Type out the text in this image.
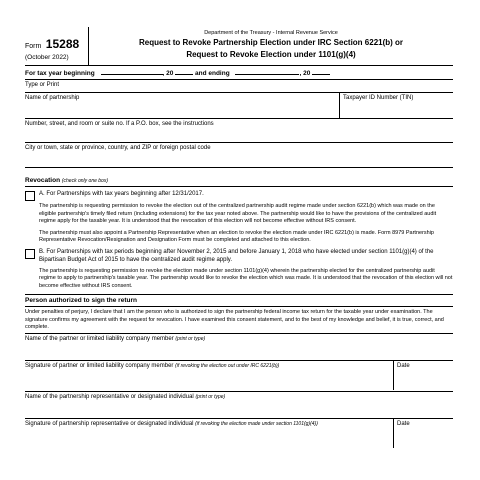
Form 15288
(October 2022)
Department of the Treasury - Internal Revenue Service
Request to Revoke Partnership Election under IRC Section 6221(b) or
Request to Revoke Election under 1101(g)(4)
For tax year beginning	, 20	and ending	, 20
Type or Print
Name of partnership	Taxpayer ID Number (TIN)
Number, street, and room or suite no. If a P.O. box, see the instructions
City or town, state or province, country, and ZIP or foreign postal code
Revocation (check only one box)
A. For Partnerships with tax years beginning after 12/31/2017.
The partnership is requesting permission to revoke the election out of the centralized partnership audit regime made under section 6221(b) which was made on the eligible partnership's timely filed return (including extensions) for the tax year noted above. The partnership would like to have the provisions of the centralized audit regime apply for the taxable year. It is understood that the revocation of this election will not become effective without IRS consent.
The partnership must also appoint a Partnership Representative when an election to revoke the election made under IRC 6221(b) is made. Form 8979 Partnership Representative Revocation/Resignation and Designation Form must be completed and attached to this election.
B. For Partnerships with tax periods beginning after November 2, 2015 and before January 1, 2018 who have elected under section 1101(g)(4) of the Bipartisan Budget Act of 2015 to have the centralized audit regime apply.
The partnership is requesting permission to revoke the election made under section 1101(g)(4) wherein the partnership elected for the centralized partnership audit regime to apply to partnership's taxable year. The partnership would like to revoke the election which was made. It is understood that the revocation of this election will not become effective without IRS consent.
Person authorized to sign the return
Under penalties of perjury, I declare that I am the person who is authorized to sign the partnership federal income tax return for the taxable year under examination. The signature confirms my agreement with the request for revocation. I have examined this consent statement, and to the best of my knowledge and belief, it is true, correct, and complete.
Name of the partner or limited liability company member (print or type)
Signature of partner or limited liability company member (if revoking the election out under IRC 6221(b))	Date
Name of the partnership representative or designated individual (print or type)
Signature of partnership representative or designated individual (if revoking the election made under section 1101(g)(4))	Date
